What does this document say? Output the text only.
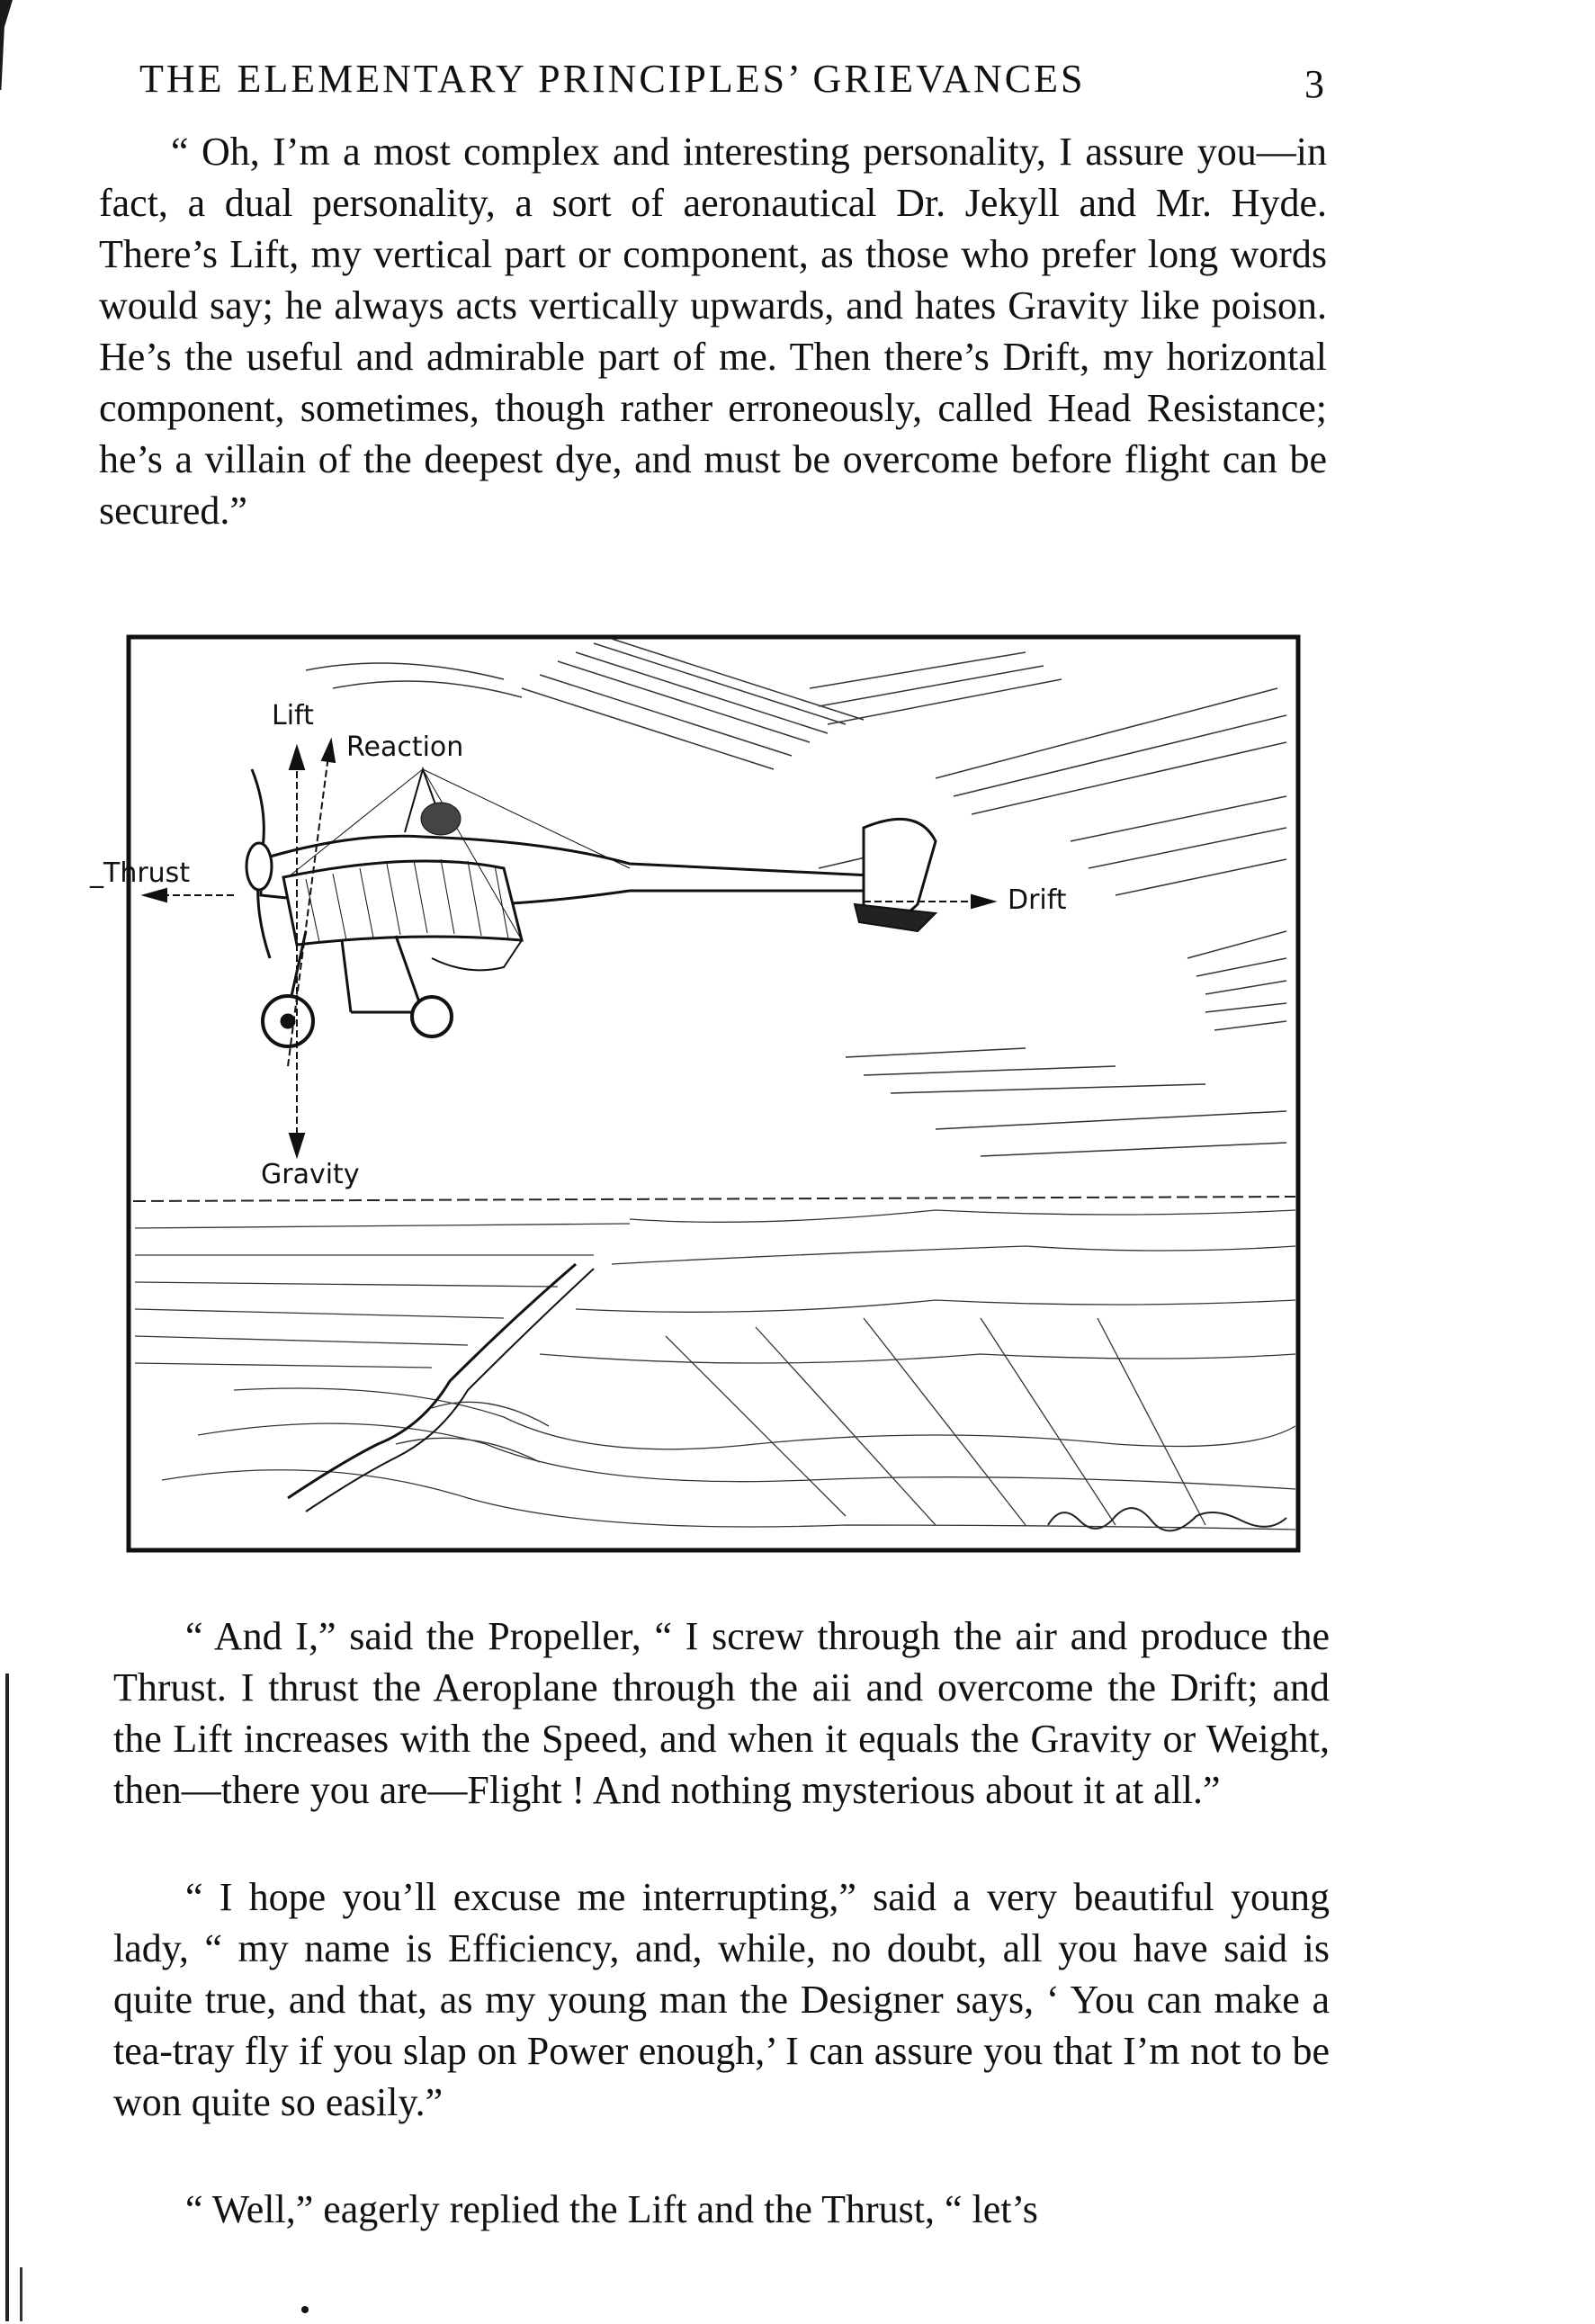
THE ELEMENTARY PRINCIPLES’ GRIEVANCES	3
“ Oh, I’m a most complex and interesting personality, I assure you—in fact, a dual personality, a sort of aeronautical Dr. Jekyll and Mr. Hyde. There’s Lift, my vertical part or component, as those who prefer long words would say; he always acts vertically upwards, and hates Gravity like poison. He’s the useful and admirable part of me. Then there’s Drift, my horizontal component, sometimes, though rather erroneously, called Head Resistance; he’s a villain of the deepest dye, and must be overcome before flight can be secured.”
Lift
Reaction
_Thrust
Drift
Gravity
“ And I,” said the Propeller, “ I screw through the air and produce the Thrust. I thrust the Aeroplane through the aii and overcome the Drift; and the Lift increases with the Speed, and when it equals the Gravity or Weight, then—there you are—Flight ! And nothing mysterious about it at all.”
“ I hope you’ll excuse me interrupting,” said a very beautiful young lady, “ my name is Efficiency, and, while, no doubt, all you have said is quite true, and that, as my young man the Designer says, ‘ You can make a tea-tray fly if you slap on Power enough,’ I can assure you that I’m not to be won quite so easily.”
“ Well,” eagerly replied the Lift and the Thrust, “ let’s
